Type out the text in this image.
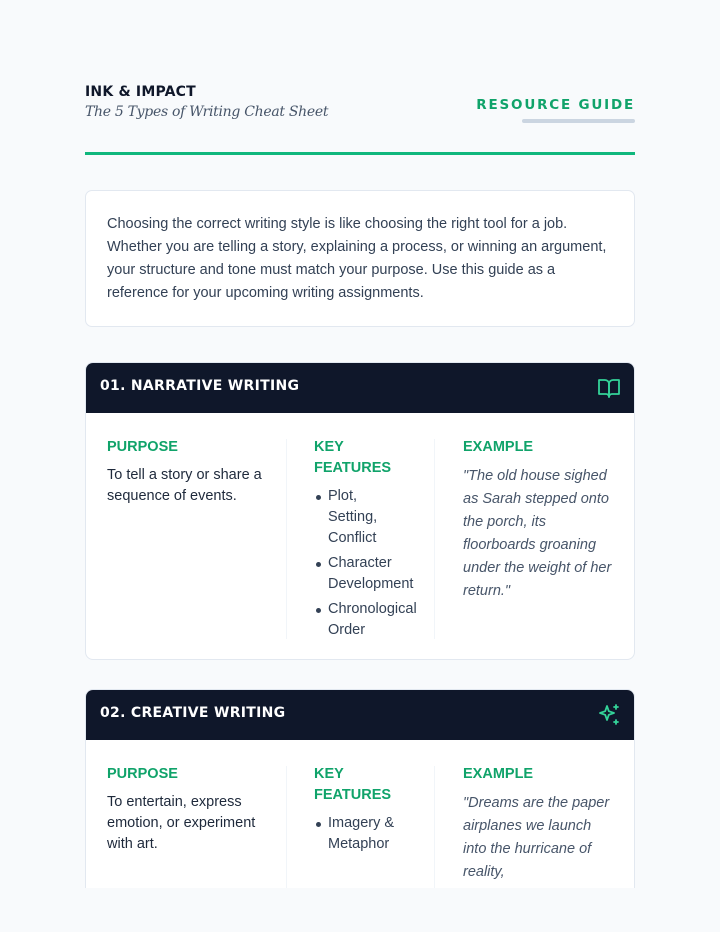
INK & IMPACT
The 5 Types of Writing Cheat Sheet	RESOURCE GUIDE

Choosing the correct writing style is like choosing the right tool for a job. Whether you are telling a story, explaining a process, or winning an argument, your structure and tone must match your purpose. Use this guide as a reference for your upcoming writing assignments.

01. NARRATIVE WRITING
PURPOSE
To tell a story or share a sequence of events.
KEY FEATURES
Plot, Setting, Conflict
Character Development
Chronological Order
EXAMPLE
"The old house sighed as Sarah stepped onto the porch, its floorboards groaning under the weight of her return."
02. CREATIVE WRITING
PURPOSE
To entertain, express emotion, or experiment with art.
KEY FEATURES
Imagery & Metaphor
EXAMPLE
"Dreams are the paper airplanes we launch into the hurricane of reality,
